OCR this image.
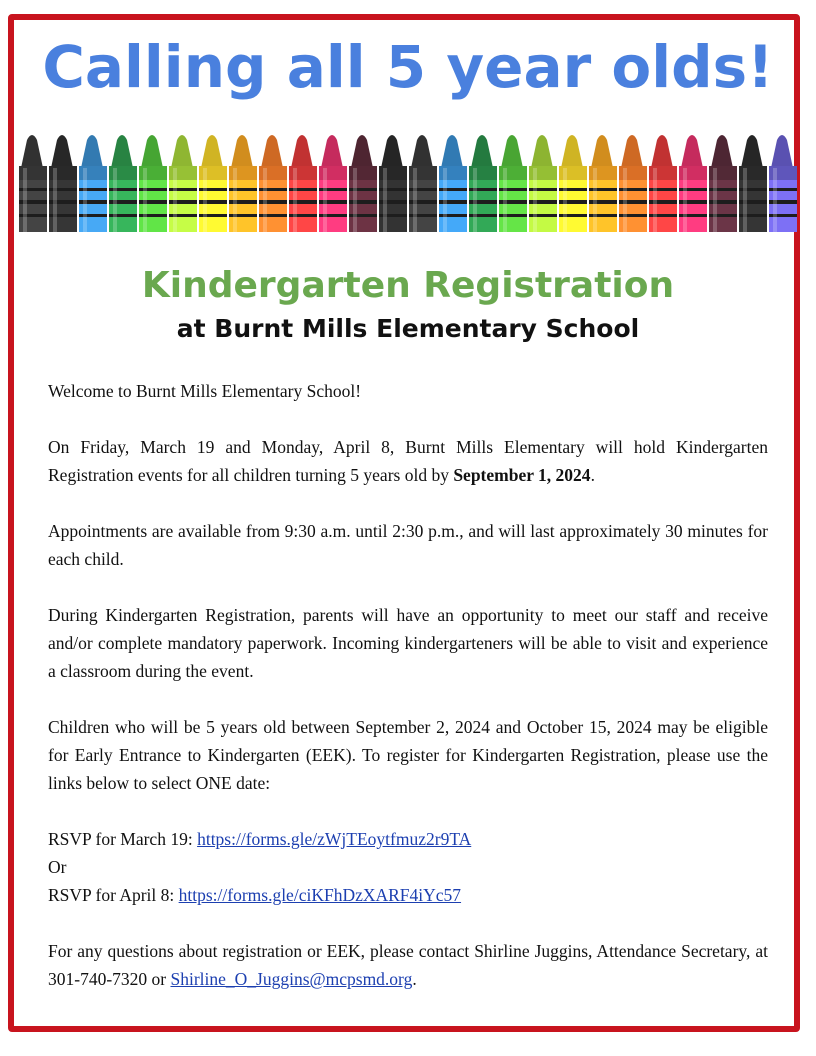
Calling all 5 year olds!
Kindergarten Registration
at Burnt Mills Elementary School

Welcome to Burnt Mills Elementary School!

On Friday, March 19 and Monday, April 8, Burnt Mills Elementary will hold Kindergarten Registration events for all children turning 5 years old by September 1, 2024.

Appointments are available from 9:30 a.m. until 2:30 p.m., and will last approximately 30 minutes for each child.

During Kindergarten Registration, parents will have an opportunity to meet our staff and receive and/or complete mandatory paperwork. Incoming kindergarteners will be able to visit and experience a classroom during the event.

Children who will be 5 years old between September 2, 2024 and October 15, 2024 may be eligible for Early Entrance to Kindergarten (EEK). To register for Kindergarten Registration, please use the links below to select ONE date:

RSVP for March 19: https://forms.gle/zWjTEoytfmuz2r9TA

Or

RSVP for April 8: https://forms.gle/ciKFhDzXARF4iYc57

For any questions about registration or EEK, please contact Shirline Juggins, Attendance Secretary, at 301-740-7320 or Shirline_O_Juggins@mcpsmd.org.
